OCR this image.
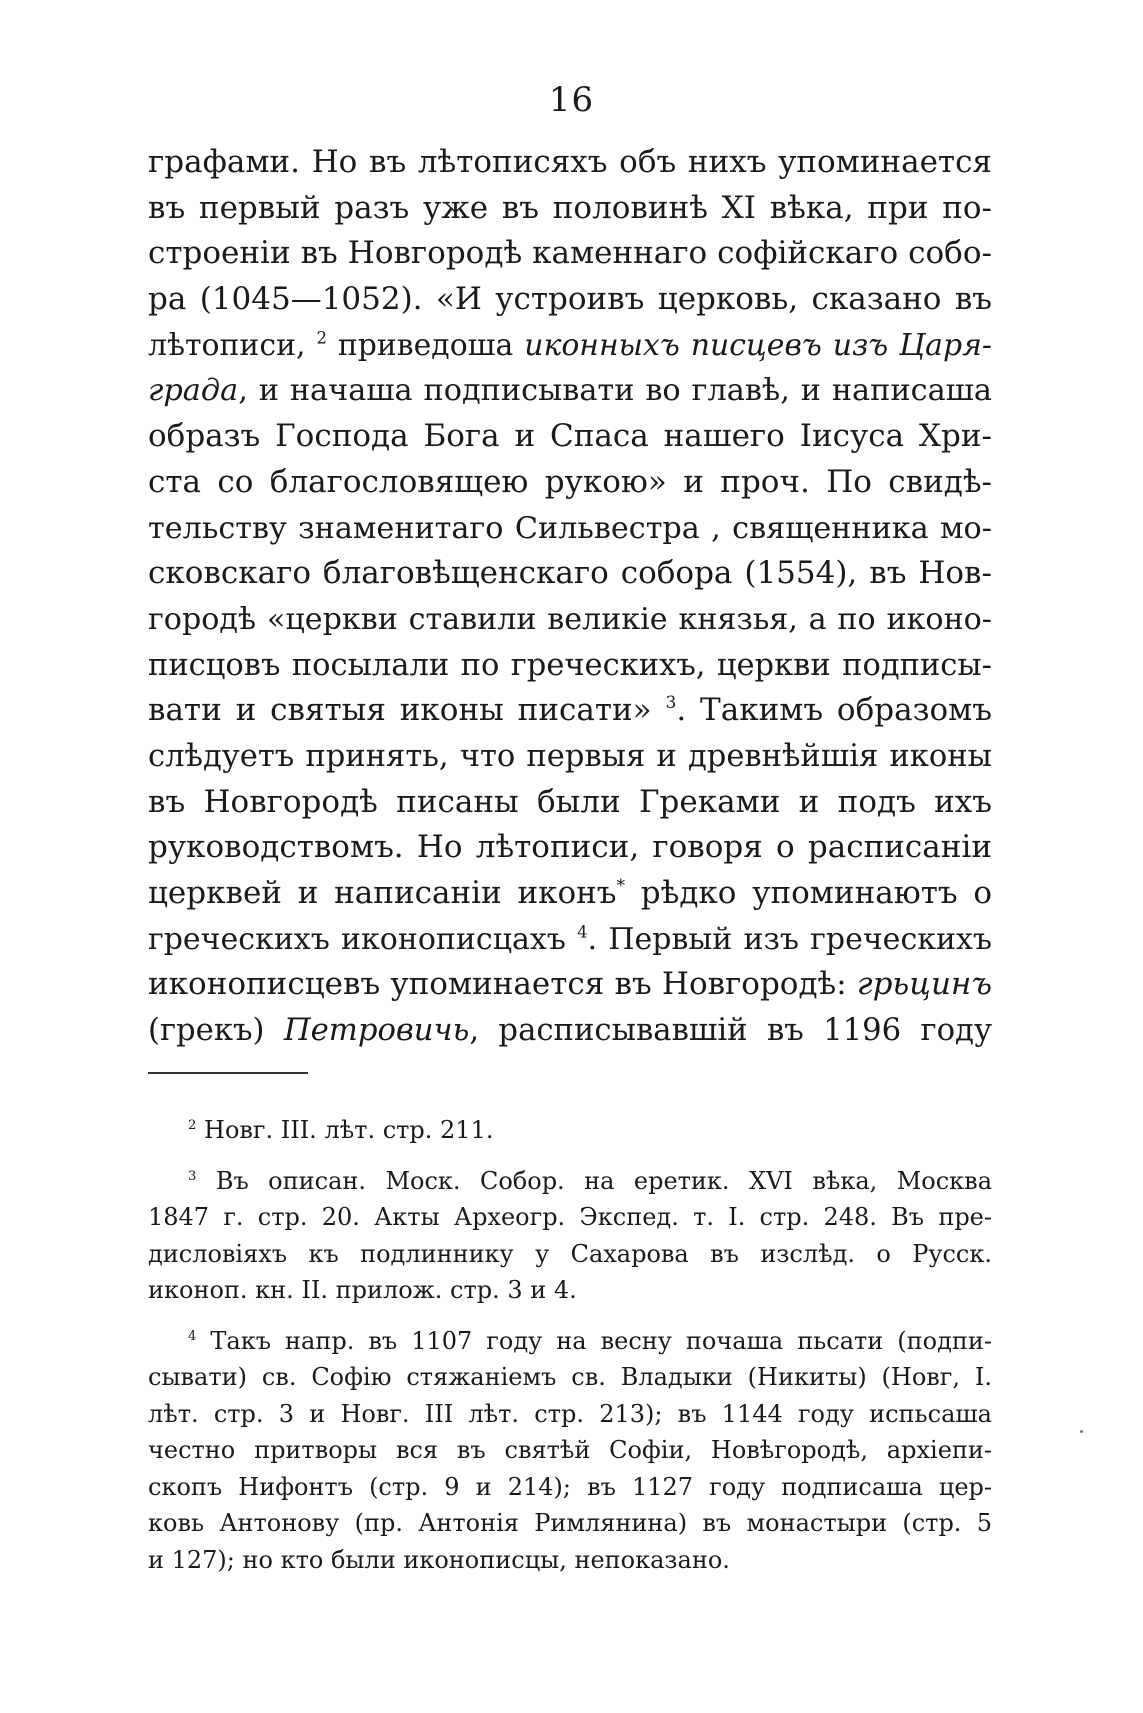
16
графами. Но въ лѣтописяхъ объ нихъ упоминается
въ первый разъ уже въ половинѣ XI вѣка, при по-
строеніи въ Новгородѣ каменнаго софійскаго собо-
ра (1045—1052). «И устроивъ церковь, сказано въ
лѣтописи, $^2$ приведоша иконныхъ писцевъ изъ Царя-
града, и начаша подписывати во главѣ, и написаша
образъ Господа Бога и Спаса нашего Іисуса Хри-
ста со благословящею рукою» и проч. По свидѣ-
тельству знаменитаго Сильвестра , священника мо-
сковскаго благовѣщенскаго собора (1554), въ Нов-
городѣ «церкви ставили великіе князья, а по иконо-
писцовъ посылали по греческихъ, церкви подписы-
вати и святыя иконы писати» $^3$. Такимъ образомъ
слѣдуетъ принять, что первыя и древнѣйшія иконы
въ Новгородѣ писаны были Греками и подъ ихъ
руководствомъ. Но лѣтописи, говоря о расписаніи
церквей и написаніи иконъ* рѣдко упоминаютъ о
греческихъ иконописцахъ $^4$. Первый изъ греческихъ
иконописцевъ упоминается въ Новгородѣ: грьцинъ
(грекъ) Петровичь, расписывавшій въ 1196 году
$^2$ Новг. III. лѣт. стр. 211.
$^3$ Въ описан. Моск. Собор. на еретик. XVI вѣка, Москва
1847 г. стр. 20. Акты Археогр. Экспед. т. I. стр. 248. Въ пре-
дисловіяхъ къ подлиннику у Сахарова въ изслѣд. о Русск.
иконоп. кн. II. прилож. стр. 3 и 4.
$^4$ Такъ напр. въ 1107 году на весну почаша пьсати (подпи-
сывати) св. Софію стяжаніемъ св. Владыки (Никиты) (Новг, I.
лѣт. стр. 3 и Новг. III лѣт. стр. 213); въ 1144 году испьсаша
честно притворы вся въ святѣй Софіи, Новѣгородѣ, архіепи-
скопъ Нифонтъ (стр. 9 и 214); въ 1127 году подписаша цер-
ковь Антонову (пр. Антонія Римлянина) въ монастыри (стр. 5
и 127); но кто были иконописцы, непоказано.
